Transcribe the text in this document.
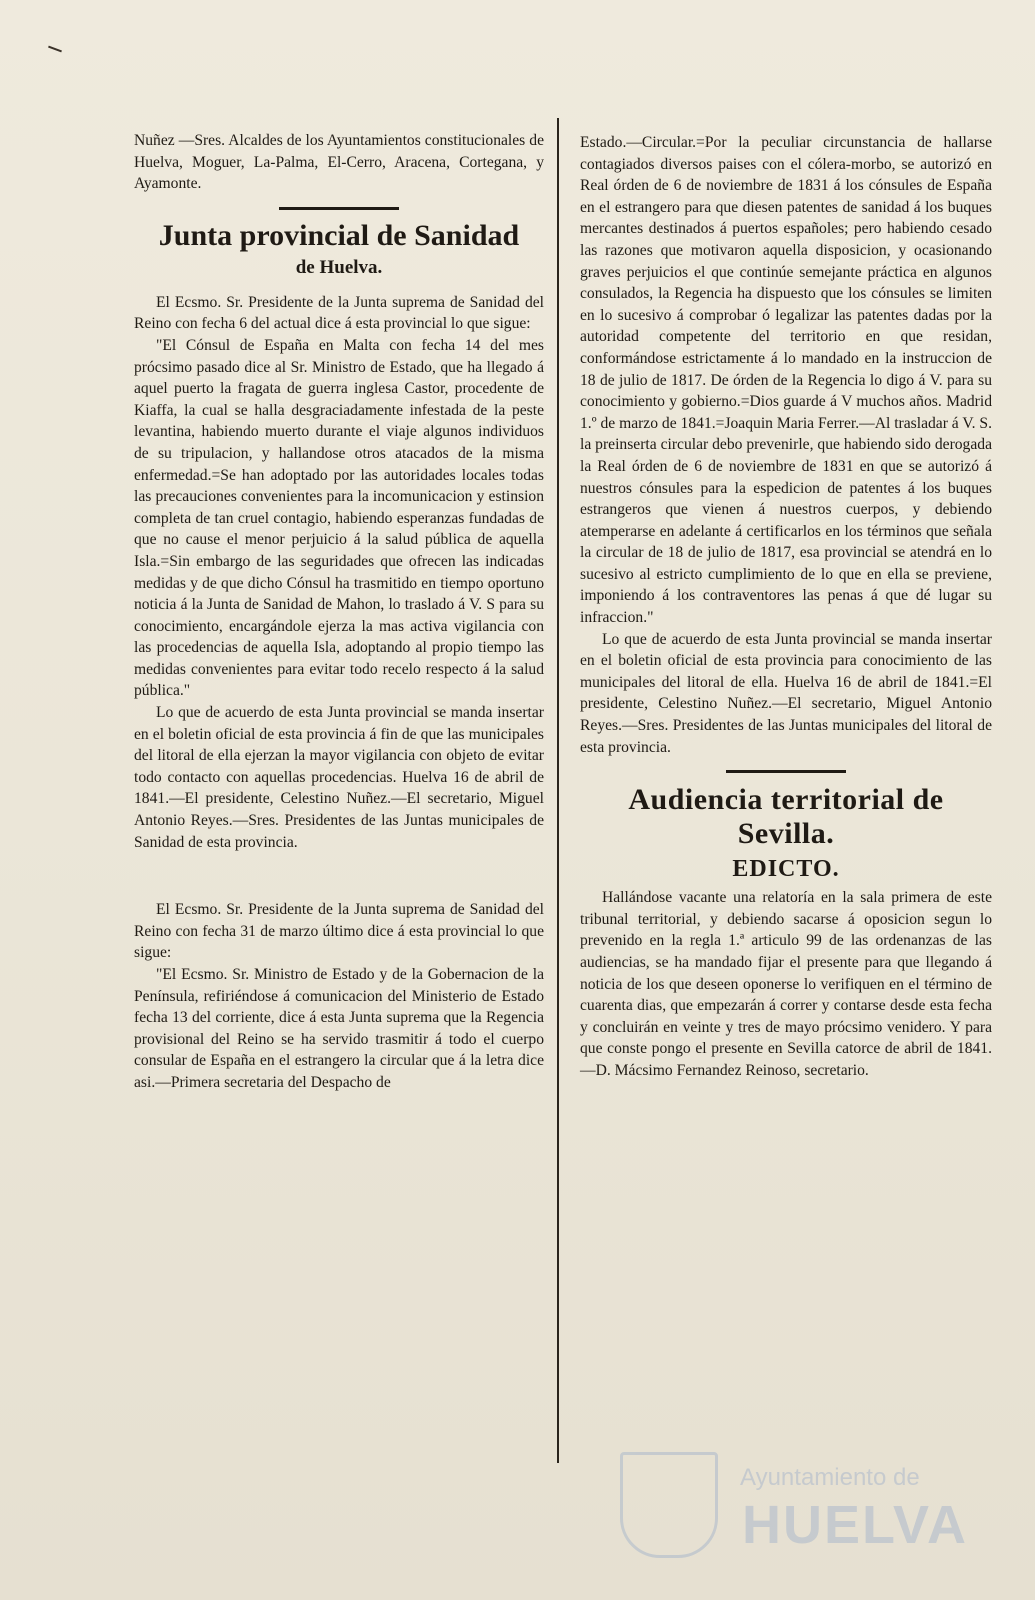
Nuñez —Sres. Alcaldes de los Ayuntamientos constitucionales de Huelva, Moguer, La-Palma, El-Cerro, Aracena, Cortegana, y Ayamonte.

Junta provincial de Sanidad
de Huelva.

El Ecsmo. Sr. Presidente de la Junta suprema de Sanidad del Reino con fecha 6 del actual dice á esta provincial lo que sigue:

"El Cónsul de España en Malta con fecha 14 del mes prócsimo pasado dice al Sr. Ministro de Estado, que ha llegado á aquel puerto la fragata de guerra inglesa Castor, procedente de Kiaffa, la cual se halla desgraciadamente infestada de la peste levantina, habiendo muerto durante el viaje algunos individuos de su tripulacion, y hallandose otros atacados de la misma enfermedad.=Se han adoptado por las autoridades locales todas las precauciones convenientes para la incomunicacion y estinsion completa de tan cruel contagio, habiendo esperanzas fundadas de que no cause el menor perjuicio á la salud pública de aquella Isla.=Sin embargo de las seguridades que ofrecen las indicadas medidas y de que dicho Cónsul ha trasmitido en tiempo oportuno noticia á la Junta de Sanidad de Mahon, lo traslado á V. S para su conocimiento, encargándole ejerza la mas activa vigilancia con las procedencias de aquella Isla, adoptando al propio tiempo las medidas convenientes para evitar todo recelo respecto á la salud pública."

Lo que de acuerdo de esta Junta provincial se manda insertar en el boletin oficial de esta provincia á fin de que las municipales del litoral de ella ejerzan la mayor vigilancia con objeto de evitar todo contacto con aquellas procedencias. Huelva 16 de abril de 1841.—El presidente, Celestino Nuñez.—El secretario, Miguel Antonio Reyes.—Sres. Presidentes de las Juntas municipales de Sanidad de esta provincia.

El Ecsmo. Sr. Presidente de la Junta suprema de Sanidad del Reino con fecha 31 de marzo último dice á esta provincial lo que sigue:

"El Ecsmo. Sr. Ministro de Estado y de la Gobernacion de la Península, refiriéndose á comunicacion del Ministerio de Estado fecha 13 del corriente, dice á esta Junta suprema que la Regencia provisional del Reino se ha servido trasmitir á todo el cuerpo consular de España en el estrangero la circular que á la letra dice asi.—Primera secretaria del Despacho de

Estado.—Circular.=Por la peculiar circunstancia de hallarse contagiados diversos paises con el cólera-morbo, se autorizó en Real órden de 6 de noviembre de 1831 á los cónsules de España en el estrangero para que diesen patentes de sanidad á los buques mercantes destinados á puertos españoles; pero habiendo cesado las razones que motivaron aquella disposicion, y ocasionando graves perjuicios el que continúe semejante práctica en algunos consulados, la Regencia ha dispuesto que los cónsules se limiten en lo sucesivo á comprobar ó legalizar las patentes dadas por la autoridad competente del territorio en que residan, conformándose estrictamente á lo mandado en la instruccion de 18 de julio de 1817. De órden de la Regencia lo digo á V. para su conocimiento y gobierno.=Dios guarde á V muchos años. Madrid 1.º de marzo de 1841.=Joaquin Maria Ferrer.—Al trasladar á V. S. la preinserta circular debo prevenirle, que habiendo sido derogada la Real órden de 6 de noviembre de 1831 en que se autorizó á nuestros cónsules para la espedicion de patentes á los buques estrangeros que vienen á nuestros cuerpos, y debiendo atemperarse en adelante á certificarlos en los términos que señala la circular de 18 de julio de 1817, esa provincial se atendrá en lo sucesivo al estricto cumplimiento de lo que en ella se previene, imponiendo á los contraventores las penas á que dé lugar su infraccion."

Lo que de acuerdo de esta Junta provincial se manda insertar en el boletin oficial de esta provincia para conocimiento de las municipales del litoral de ella. Huelva 16 de abril de 1841.=El presidente, Celestino Nuñez.—El secretario, Miguel Antonio Reyes.—Sres. Presidentes de las Juntas municipales del litoral de esta provincia.

Audiencia territorial de Sevilla.
EDICTO.

Hallándose vacante una relatoría en la sala primera de este tribunal territorial, y debiendo sacarse á oposicion segun lo prevenido en la regla 1.ª articulo 99 de las ordenanzas de las audiencias, se ha mandado fijar el presente para que llegando á noticia de los que deseen oponerse lo verifiquen en el término de cuarenta dias, que empezarán á correr y contarse desde esta fecha y concluirán en veinte y tres de mayo prócsimo venidero. Y para que conste pongo el presente en Sevilla catorce de abril de 1841.—D. Mácsimo Fernandez Reinoso, secretario.

Ayuntamiento de
HUELVA
